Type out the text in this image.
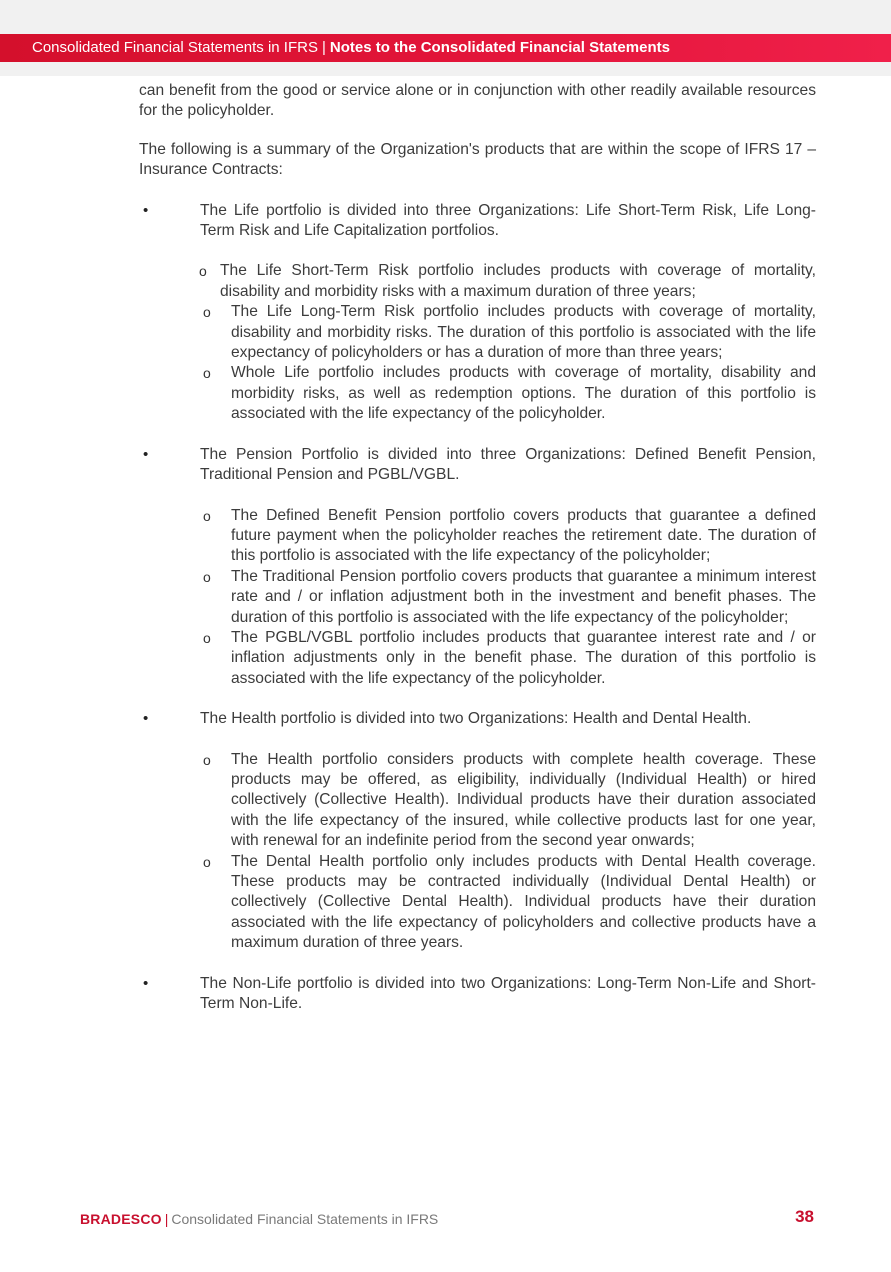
Consolidated Financial Statements in IFRS | Notes to the Consolidated Financial Statements

can benefit from the good or service alone or in conjunction with other readily available resources for the policyholder.

The following is a summary of the Organization's products that are within the scope of IFRS 17 – Insurance Contracts:

•	The Life portfolio is divided into three Organizations: Life Short-Term Risk, Life Long-Term Risk and Life Capitalization portfolios.
o The Life Short-Term Risk portfolio includes products with coverage of mortality, disability and morbidity risks with a maximum duration of three years;
o The Life Long-Term Risk portfolio includes products with coverage of mortality, disability and morbidity risks. The duration of this portfolio is associated with the life expectancy of policyholders or has a duration of more than three years;
o Whole Life portfolio includes products with coverage of mortality, disability and morbidity risks, as well as redemption options. The duration of this portfolio is associated with the life expectancy of the policyholder.
•	The Pension Portfolio is divided into three Organizations: Defined Benefit Pension, Traditional Pension and PGBL/VGBL.
o The Defined Benefit Pension portfolio covers products that guarantee a defined future payment when the policyholder reaches the retirement date. The duration of this portfolio is associated with the life expectancy of the policyholder;
o The Traditional Pension portfolio covers products that guarantee a minimum interest rate and / or inflation adjustment both in the investment and benefit phases. The duration of this portfolio is associated with the life expectancy of the policyholder;
o The PGBL/VGBL portfolio includes products that guarantee interest rate and / or inflation adjustments only in the benefit phase. The duration of this portfolio is associated with the life expectancy of the policyholder.
•	The Health portfolio is divided into two Organizations: Health and Dental Health.
o The Health portfolio considers products with complete health coverage. These products may be offered, as eligibility, individually (Individual Health) or hired collectively (Collective Health). Individual products have their duration associated with the life expectancy of the insured, while collective products last for one year, with renewal for an indefinite period from the second year onwards;
o The Dental Health portfolio only includes products with Dental Health coverage. These products may be contracted individually (Individual Dental Health) or collectively (Collective Dental Health). Individual products have their duration associated with the life expectancy of policyholders and collective products have a maximum duration of three years.
•	The Non-Life portfolio is divided into two Organizations: Long-Term Non-Life and Short-Term Non-Life.
BRADESCO | Consolidated Financial Statements in IFRS	38
